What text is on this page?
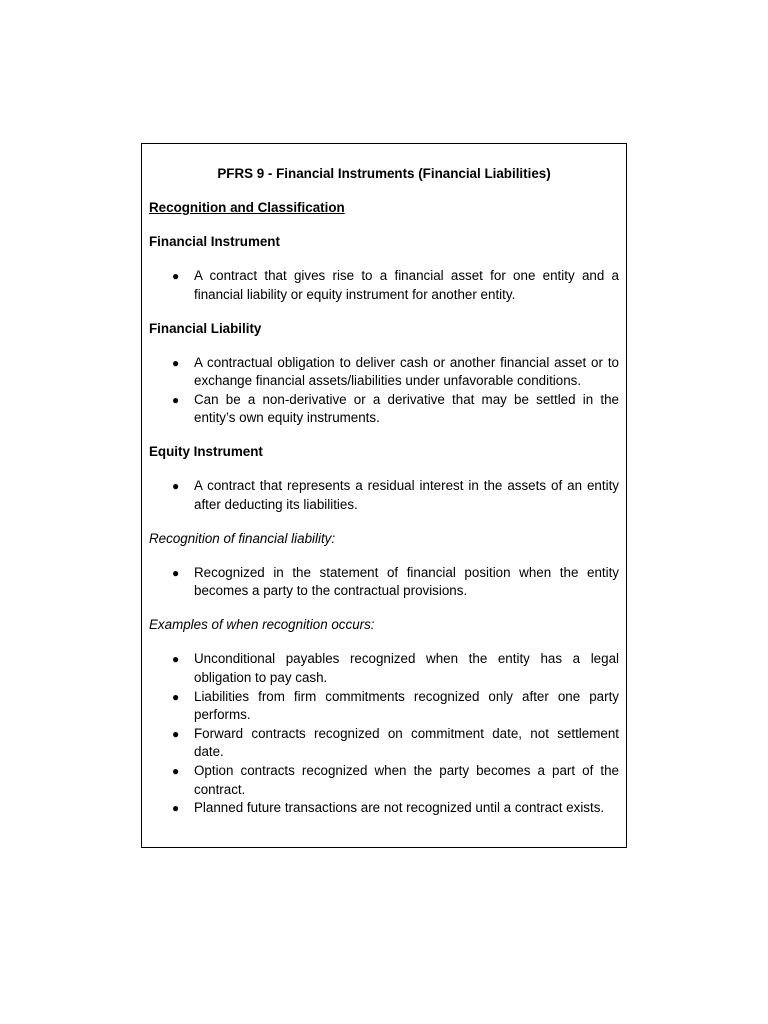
PFRS 9 - Financial Instruments (Financial Liabilities)
Recognition and Classification
Financial Instrument
● A contract that gives rise to a financial asset for one entity and a financial liability or equity instrument for another entity.
Financial Liability
● A contractual obligation to deliver cash or another financial asset or to exchange financial assets/liabilities under unfavorable conditions.
● Can be a non-derivative or a derivative that may be settled in the entity’s own equity instruments.
Equity Instrument
● A contract that represents a residual interest in the assets of an entity after deducting its liabilities.
Recognition of financial liability:
● Recognized in the statement of financial position when the entity becomes a party to the contractual provisions.
Examples of when recognition occurs:
● Unconditional payables recognized when the entity has a legal obligation to pay cash.
● Liabilities from firm commitments recognized only after one party performs.
● Forward contracts recognized on commitment date, not settlement date.
● Option contracts recognized when the party becomes a part of the contract.
● Planned future transactions are not recognized until a contract exists.
